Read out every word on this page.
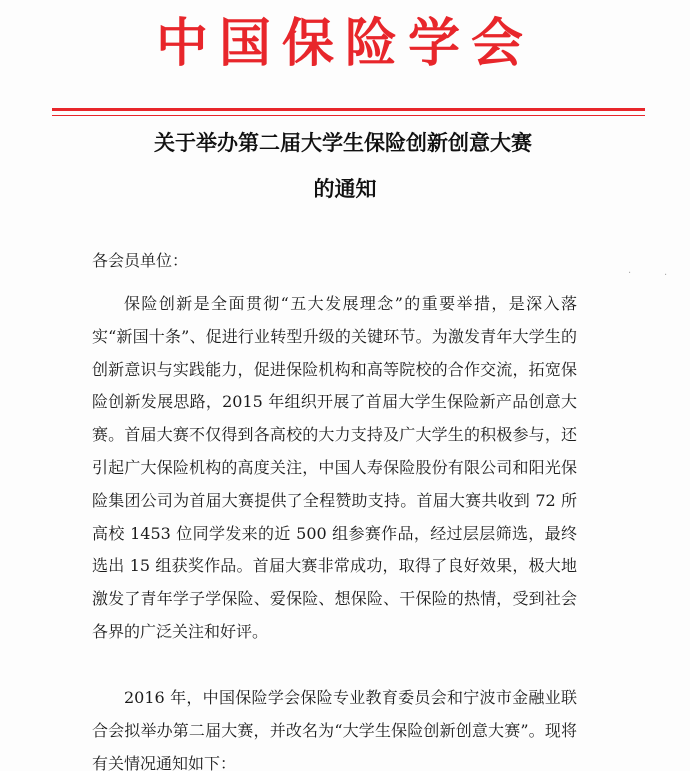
中国保险学会
关于举办第二届大学生保险创新创意大赛
的通知
各会员单位：

保险创新是全面贯彻“五大发展理念”的重要举措，是深入落实“新国十条”、促进行业转型升级的关键环节。为激发青年大学生的创新意识与实践能力，促进保险机构和高等院校的合作交流，拓宽保险创新发展思路，2015 年组织开展了首届大学生保险新产品创意大赛。首届大赛不仅得到各高校的大力支持及广大学生的积极参与，还引起广大保险机构的高度关注，中国人寿保险股份有限公司和阳光保险集团公司为首届大赛提供了全程赞助支持。首届大赛共收到 72 所高校 1453 位同学发来的近 500 组参赛作品，经过层层筛选，最终选出 15 组获奖作品。首届大赛非常成功，取得了良好效果，极大地激发了青年学子学保险、爱保险、想保险、干保险的热情，受到社会各界的广泛关注和好评。

2016 年，中国保险学会保险专业教育委员会和宁波市金融业联合会拟举办第二届大赛，并改名为“大学生保险创新创意大赛”。现将有关情况通知如下：

·	·
